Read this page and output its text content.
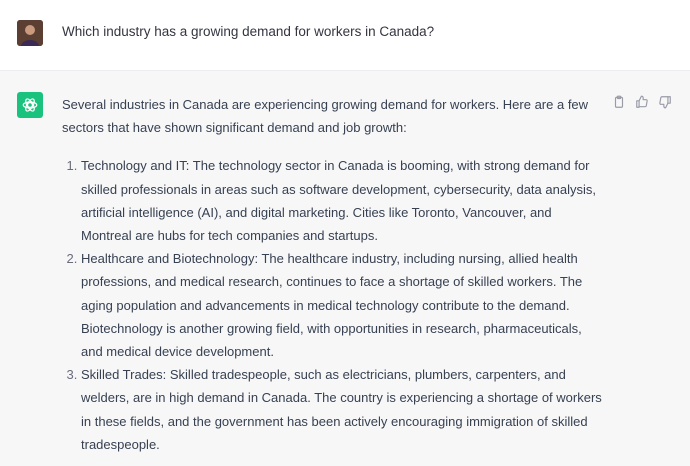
Which industry has a growing demand for workers in Canada?

Several industries in Canada are experiencing growing demand for workers. Here are a few sectors that have shown significant demand and job growth:

1. Technology and IT: The technology sector in Canada is booming, with strong demand for skilled professionals in areas such as software development, cybersecurity, data analysis, artificial intelligence (AI), and digital marketing. Cities like Toronto, Vancouver, and Montreal are hubs for tech companies and startups.
2. Healthcare and Biotechnology: The healthcare industry, including nursing, allied health professions, and medical research, continues to face a shortage of skilled workers. The aging population and advancements in medical technology contribute to the demand. Biotechnology is another growing field, with opportunities in research, pharmaceuticals, and medical device development.
3. Skilled Trades: Skilled tradespeople, such as electricians, plumbers, carpenters, and welders, are in high demand in Canada. The country is experiencing a shortage of workers in these fields, and the government has been actively encouraging immigration of skilled tradespeople.
